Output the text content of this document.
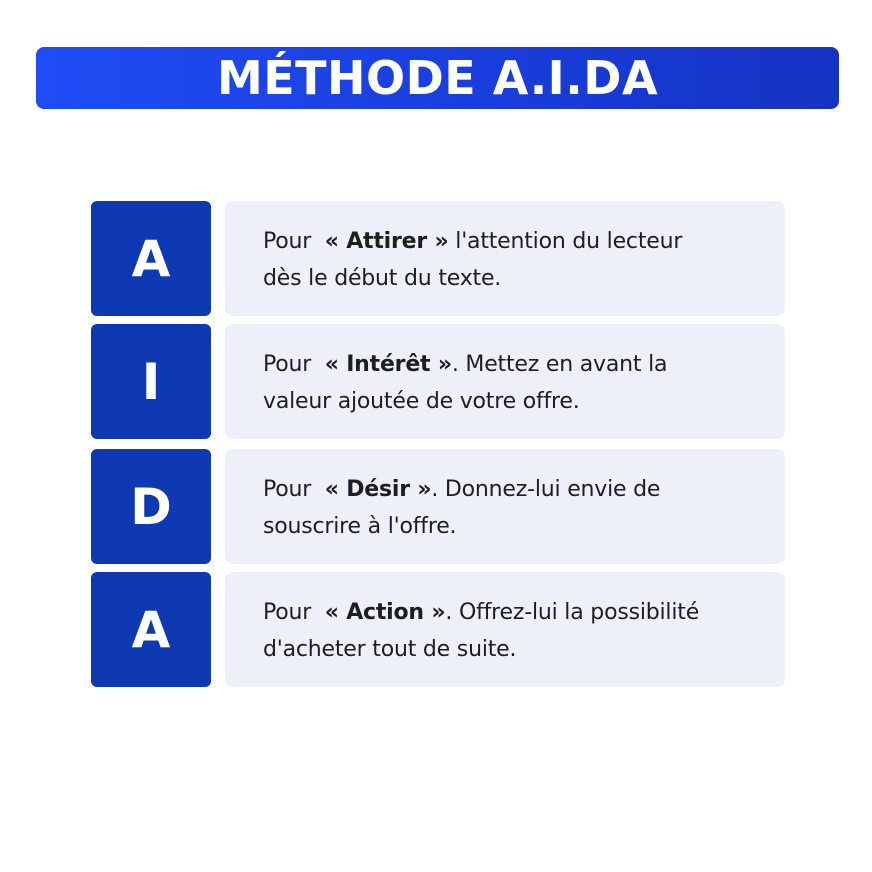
MÉTHODE A.I.DA
A	Pour  « Attirer » l'attention du lecteur
dès le début du texte.
I	Pour  « Intérêt ». Mettez en avant la
valeur ajoutée de votre offre.
D	Pour  « Désir ». Donnez-lui envie de
souscrire à l'offre.
A	Pour  « Action ». Offrez-lui la possibilité
d'acheter tout de suite.
